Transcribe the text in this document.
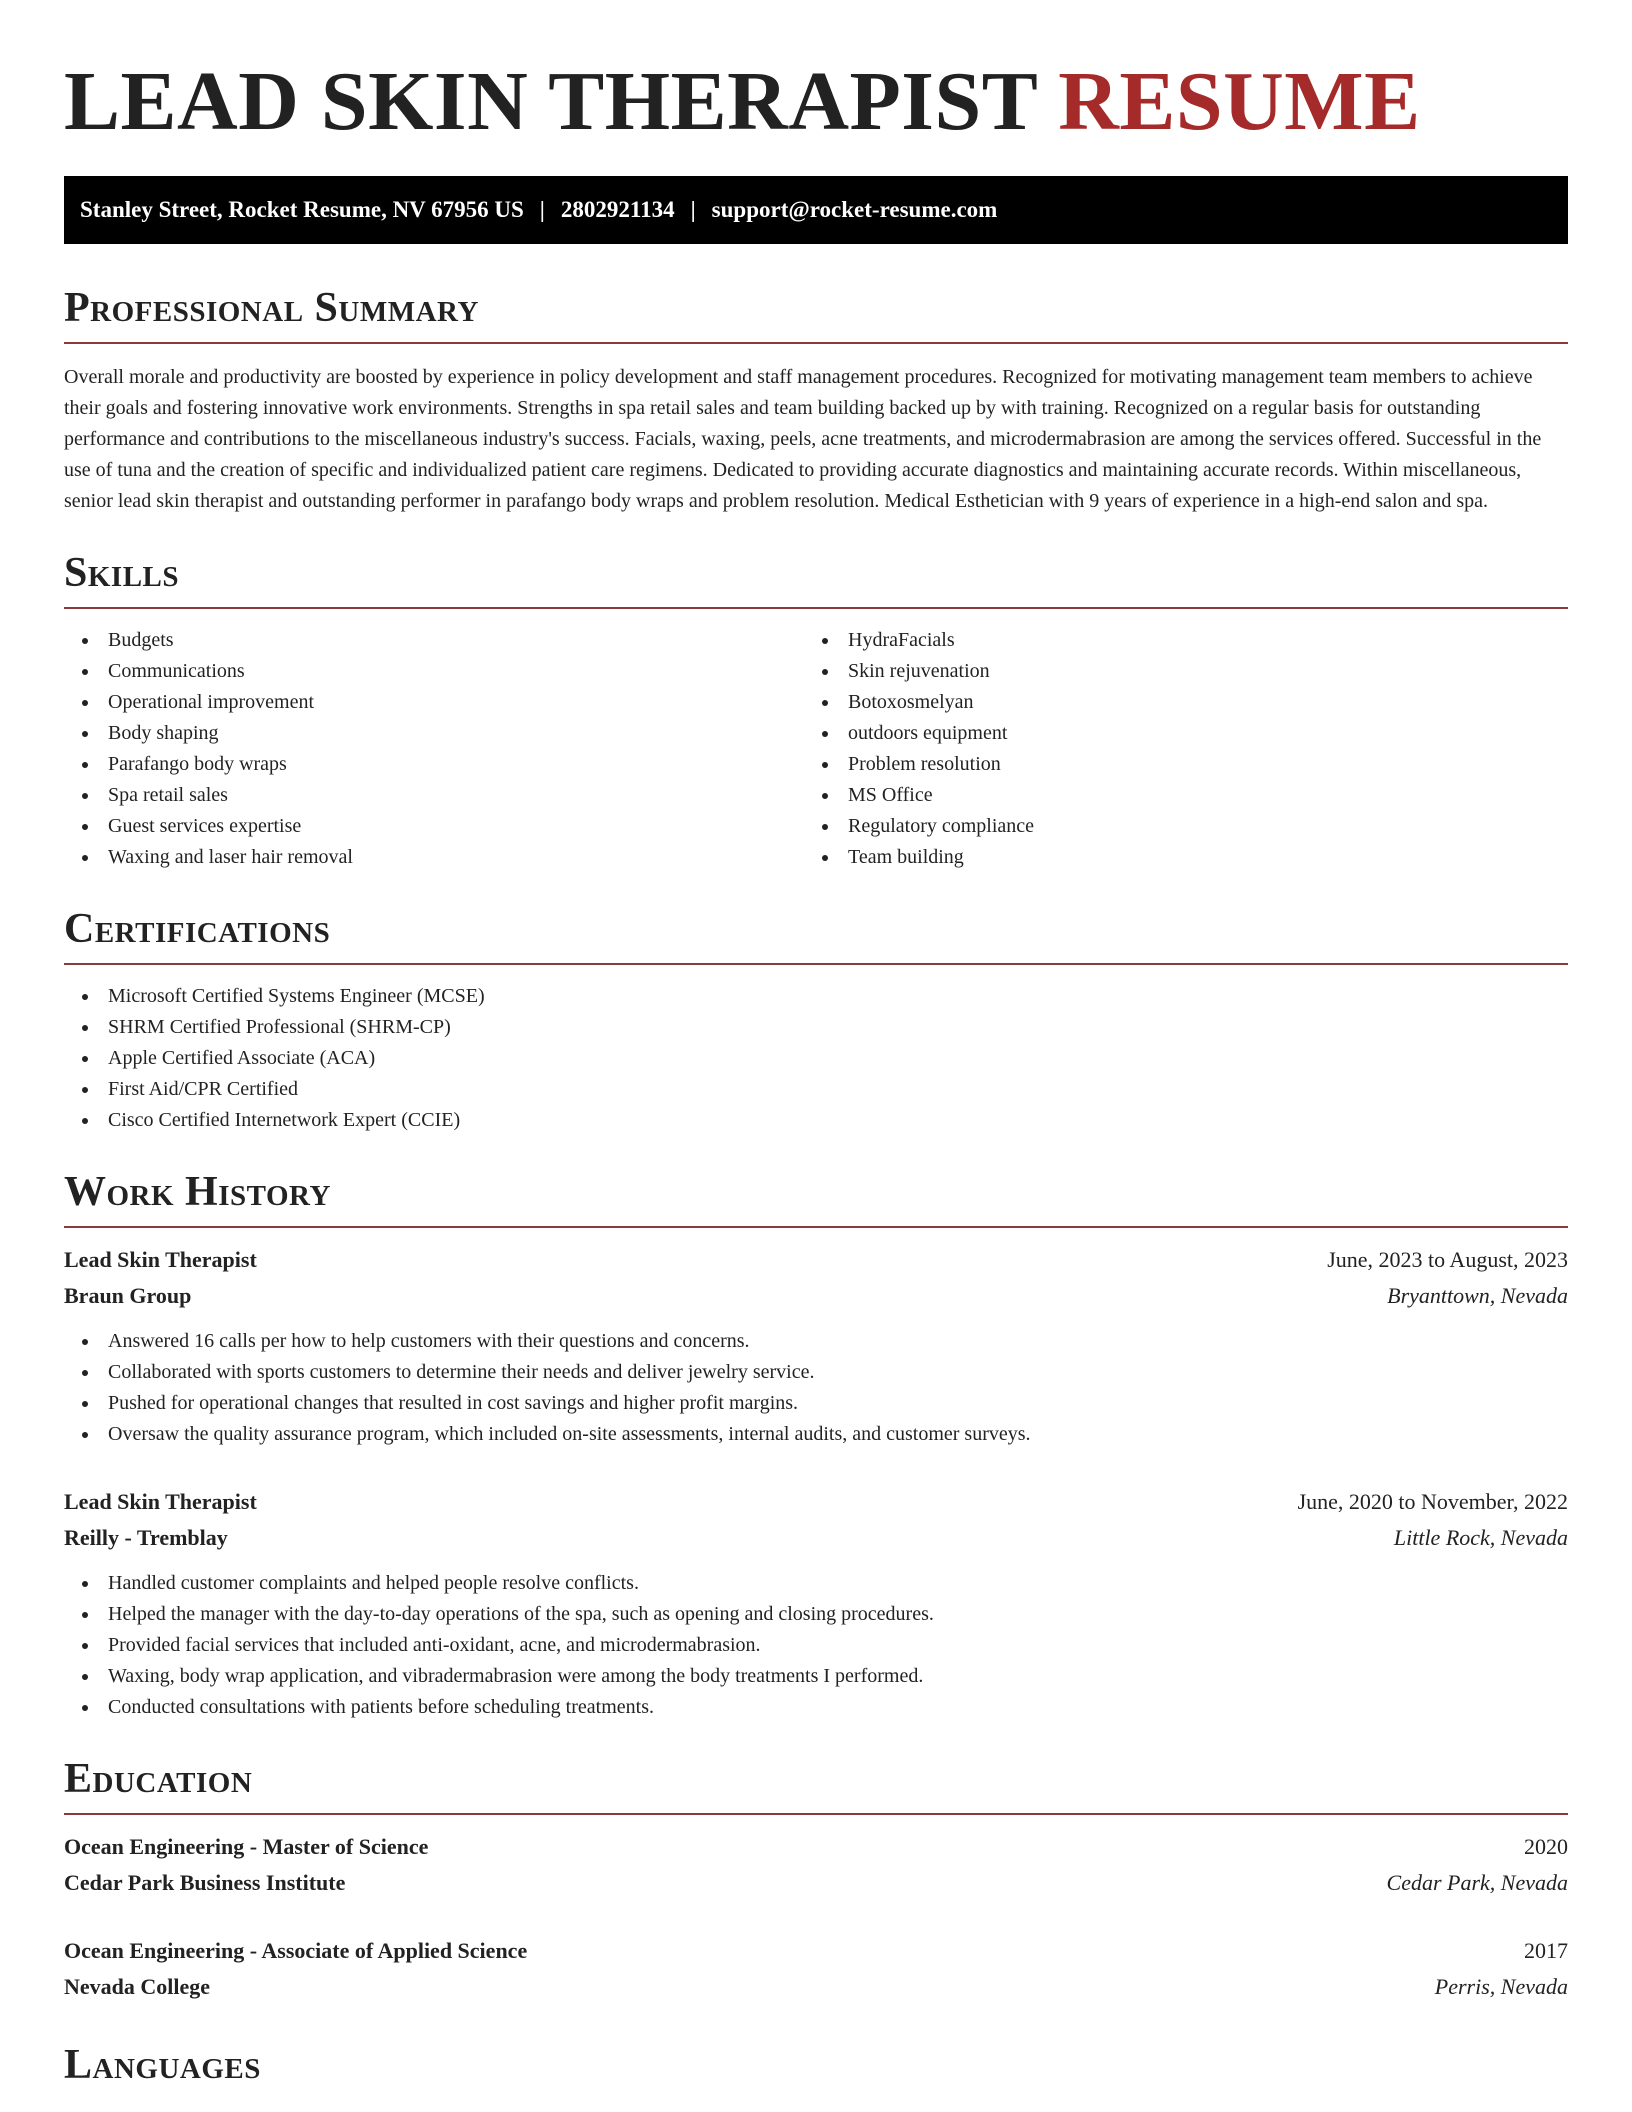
LEAD SKIN THERAPIST RESUME
Stanley Street, Rocket Resume, NV 67956 US | 2802921134 | support@rocket-resume.com
Professional Summary

Overall morale and productivity are boosted by experience in policy development and staff management procedures. Recognized for motivating management team members to achieve their goals and fostering innovative work environments. Strengths in spa retail sales and team building backed up by with training. Recognized on a regular basis for outstanding performance and contributions to the miscellaneous industry's success. Facials, waxing, peels, acne treatments, and microdermabrasion are among the services offered. Successful in the use of tuna and the creation of specific and individualized patient care regimens. Dedicated to providing accurate diagnostics and maintaining accurate records. Within miscellaneous, senior lead skin therapist and outstanding performer in parafango body wraps and problem resolution. Medical Esthetician with 9 years of experience in a high-end salon and spa.

Skills
Budgets
Communications
Operational improvement
Body shaping
Parafango body wraps
Spa retail sales
Guest services expertise
Waxing and laser hair removal
HydraFacials
Skin rejuvenation
Botoxosmelyan
outdoors equipment
Problem resolution
MS Office
Regulatory compliance
Team building
Certifications
Microsoft Certified Systems Engineer (MCSE)
SHRM Certified Professional (SHRM-CP)
Apple Certified Associate (ACA)
First Aid/CPR Certified
Cisco Certified Internetwork Expert (CCIE)
Work History
Lead Skin Therapist	June, 2023 to August, 2023
Braun Group	Bryanttown, Nevada
Answered 16 calls per how to help customers with their questions and concerns.
Collaborated with sports customers to determine their needs and deliver jewelry service.
Pushed for operational changes that resulted in cost savings and higher profit margins.
Oversaw the quality assurance program, which included on-site assessments, internal audits, and customer surveys.
Lead Skin Therapist	June, 2020 to November, 2022
Reilly - Tremblay	Little Rock, Nevada
Handled customer complaints and helped people resolve conflicts.
Helped the manager with the day-to-day operations of the spa, such as opening and closing procedures.
Provided facial services that included anti-oxidant, acne, and microdermabrasion.
Waxing, body wrap application, and vibradermabrasion were among the body treatments I performed.
Conducted consultations with patients before scheduling treatments.
Education
Ocean Engineering - Master of Science	2020
Cedar Park Business Institute	Cedar Park, Nevada
Ocean Engineering - Associate of Applied Science	2017
Nevada College	Perris, Nevada
Languages
